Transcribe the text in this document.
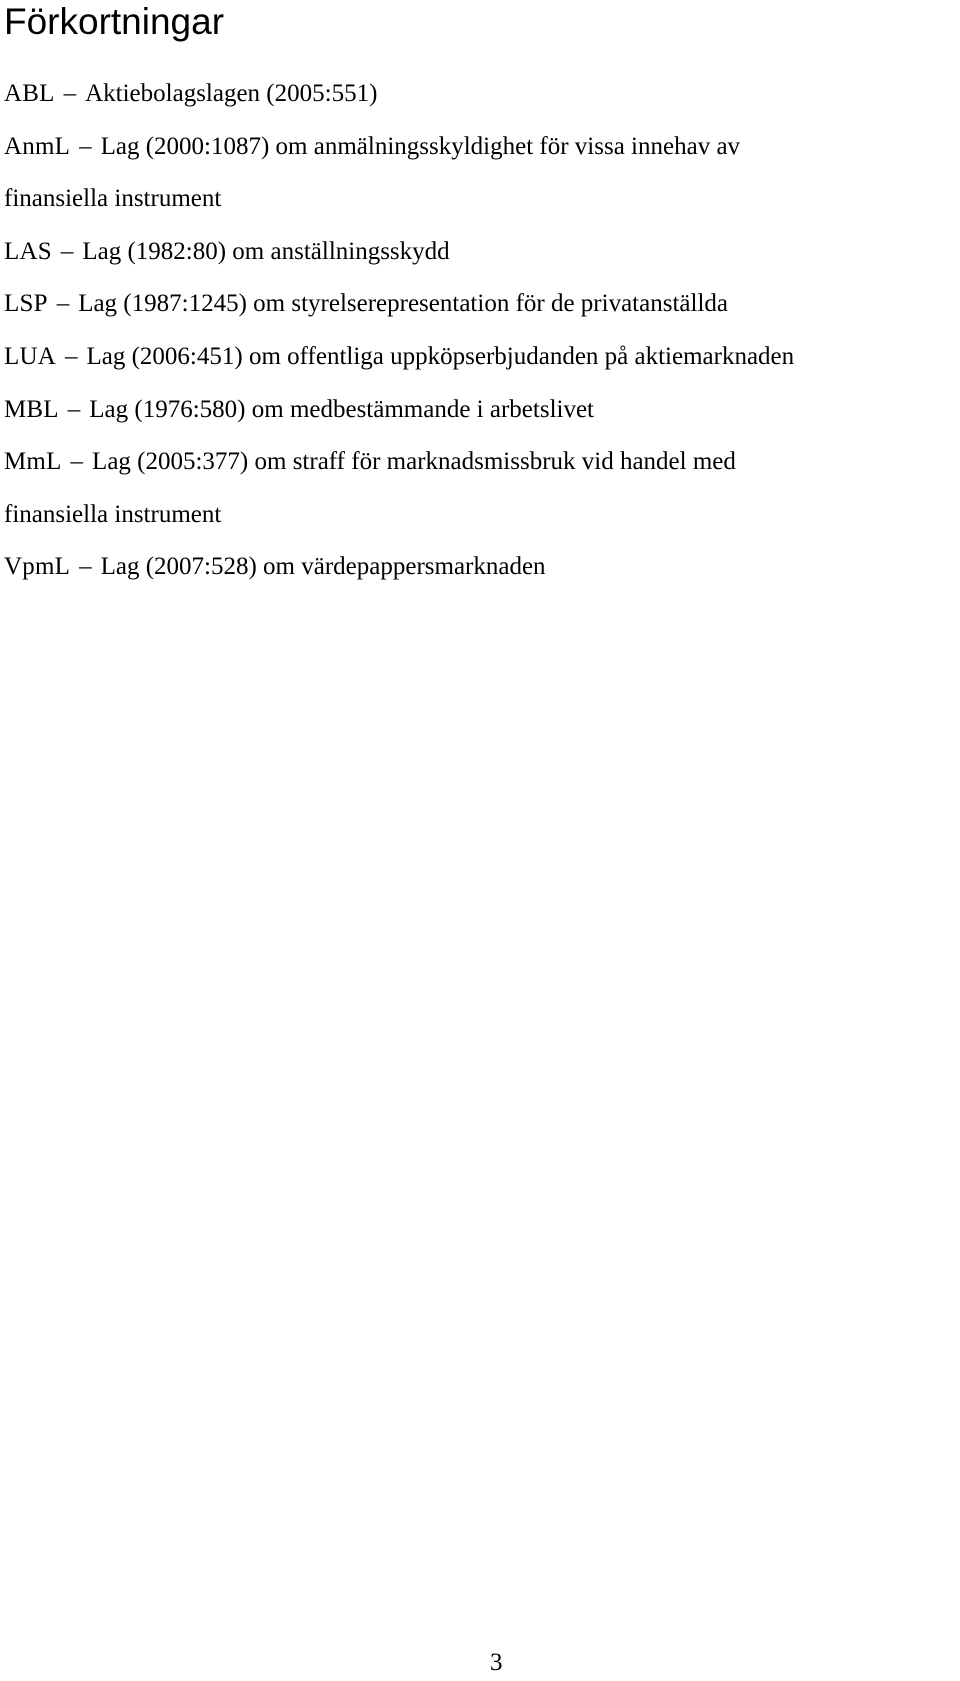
Förkortningar
ABL – Aktiebolagslagen (2005:551)
AnmL – Lag (2000:1087) om anmälningsskyldighet för vissa innehav av
finansiella instrument
LAS – Lag (1982:80) om anställningsskydd
LSP – Lag (1987:1245) om styrelserepresentation för de privatanställda
LUA – Lag (2006:451) om offentliga uppköpserbjudanden på aktiemarknaden
MBL – Lag (1976:580) om medbestämmande i arbetslivet
MmL – Lag (2005:377) om straff för marknadsmissbruk vid handel med
finansiella instrument
VpmL – Lag (2007:528) om värdepappersmarknaden
3
